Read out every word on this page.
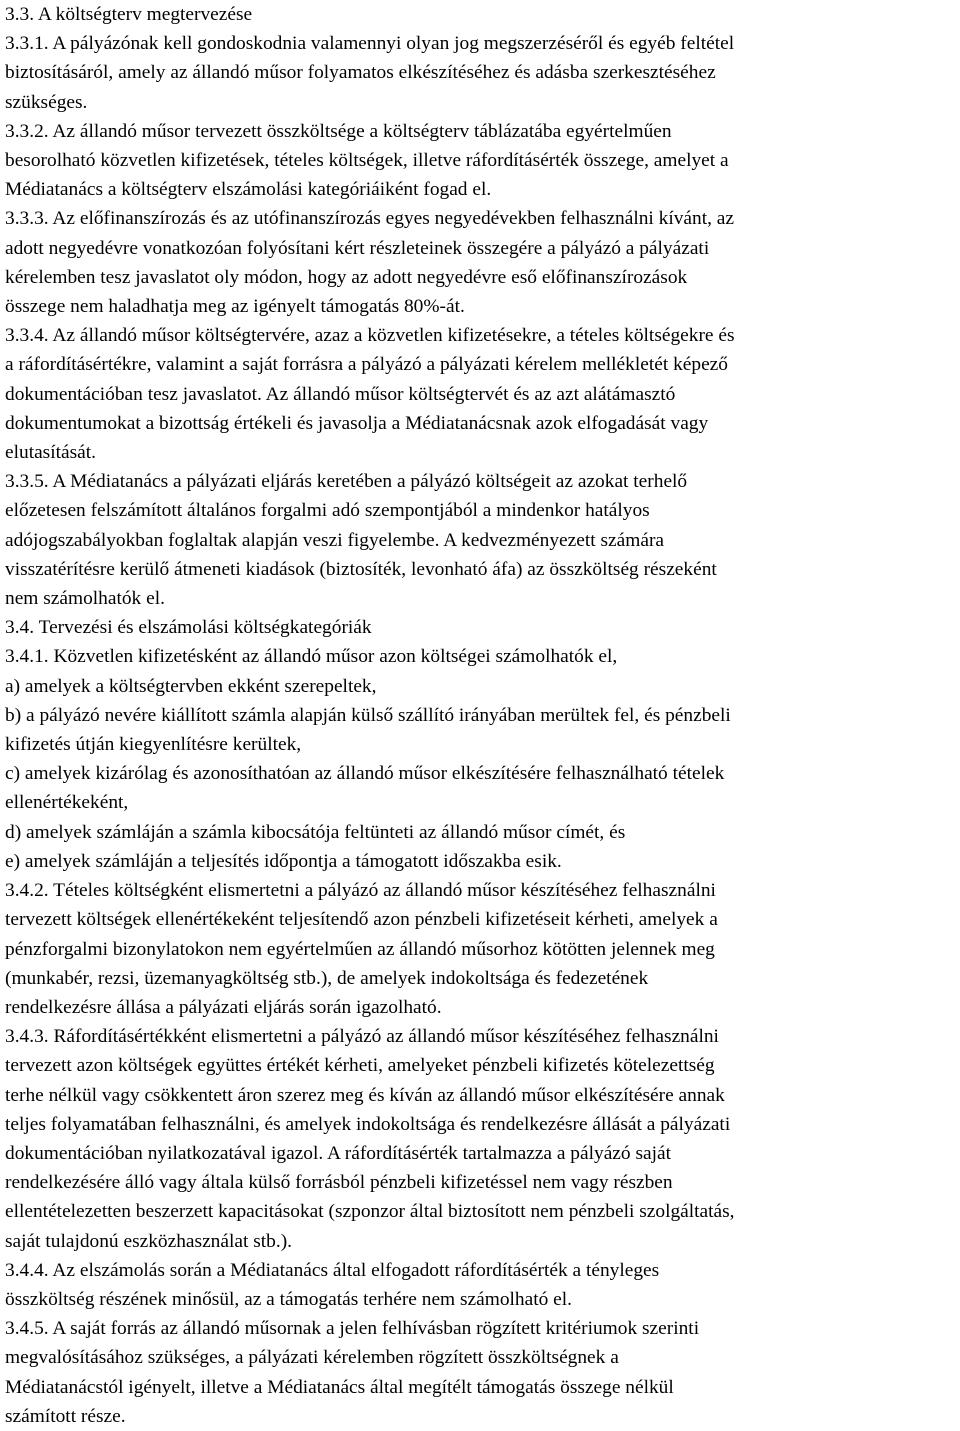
3.3. A költségterv megtervezése

3.3.1. A pályázónak kell gondoskodnia valamennyi olyan jog megszerzéséről és egyéb feltétel

biztosításáról, amely az állandó műsor folyamatos elkészítéséhez és adásba szerkesztéséhez

szükséges.

3.3.2. Az állandó műsor tervezett összköltsége a költségterv táblázatába egyértelműen

besorolható közvetlen kifizetések, tételes költségek, illetve ráfordításérték összege, amelyet a

Médiatanács a költségterv elszámolási kategóriáiként fogad el.

3.3.3. Az előfinanszírozás és az utófinanszírozás egyes negyedévekben felhasználni kívánt, az

adott negyedévre vonatkozóan folyósítani kért részleteinek összegére a pályázó a pályázati

kérelemben tesz javaslatot oly módon, hogy az adott negyedévre eső előfinanszírozások

összege nem haladhatja meg az igényelt támogatás 80%-át.

3.3.4. Az állandó műsor költségtervére, azaz a közvetlen kifizetésekre, a tételes költségekre és

a ráfordításértékre, valamint a saját forrásra a pályázó a pályázati kérelem mellékletét képező

dokumentációban tesz javaslatot. Az állandó műsor költségtervét és az azt alátámasztó

dokumentumokat a bizottság értékeli és javasolja a Médiatanácsnak azok elfogadását vagy

elutasítását.

3.3.5. A Médiatanács a pályázati eljárás keretében a pályázó költségeit az azokat terhelő

előzetesen felszámított általános forgalmi adó szempontjából a mindenkor hatályos

adójogszabályokban foglaltak alapján veszi figyelembe. A kedvezményezett számára

visszatérítésre kerülő átmeneti kiadások (biztosíték, levonható áfa) az összköltség részeként

nem számolhatók el.

3.4. Tervezési és elszámolási költségkategóriák

3.4.1. Közvetlen kifizetésként az állandó műsor azon költségei számolhatók el,

a) amelyek a költségtervben ekként szerepeltek,

b) a pályázó nevére kiállított számla alapján külső szállító irányában merültek fel, és pénzbeli

kifizetés útján kiegyenlítésre kerültek,

c) amelyek kizárólag és azonosíthatóan az állandó műsor elkészítésére felhasználható tételek

ellenértékeként,

d) amelyek számláján a számla kibocsátója feltünteti az állandó műsor címét, és

e) amelyek számláján a teljesítés időpontja a támogatott időszakba esik.

3.4.2. Tételes költségként elismertetni a pályázó az állandó műsor készítéséhez felhasználni

tervezett költségek ellenértékeként teljesítendő azon pénzbeli kifizetéseit kérheti, amelyek a

pénzforgalmi bizonylatokon nem egyértelműen az állandó műsorhoz kötötten jelennek meg

(munkabér, rezsi, üzemanyagköltség stb.), de amelyek indokoltsága és fedezetének

rendelkezésre állása a pályázati eljárás során igazolható.

3.4.3. Ráfordításértékként elismertetni a pályázó az állandó műsor készítéséhez felhasználni

tervezett azon költségek együttes értékét kérheti, amelyeket pénzbeli kifizetés kötelezettség

terhe nélkül vagy csökkentett áron szerez meg és kíván az állandó műsor elkészítésére annak

teljes folyamatában felhasználni, és amelyek indokoltsága és rendelkezésre állását a pályázati

dokumentációban nyilatkozatával igazol. A ráfordításérték tartalmazza a pályázó saját

rendelkezésére álló vagy általa külső forrásból pénzbeli kifizetéssel nem vagy részben

ellentételezetten beszerzett kapacitásokat (szponzor által biztosított nem pénzbeli szolgáltatás,

saját tulajdonú eszközhasználat stb.).

3.4.4. Az elszámolás során a Médiatanács által elfogadott ráfordításérték a tényleges

összköltség részének minősül, az a támogatás terhére nem számolható el.

3.4.5. A saját forrás az állandó műsornak a jelen felhívásban rögzített kritériumok szerinti

megvalósításához szükséges, a pályázati kérelemben rögzített összköltségnek a

Médiatanácstól igényelt, illetve a Médiatanács által megítélt támogatás összege nélkül

számított része.
